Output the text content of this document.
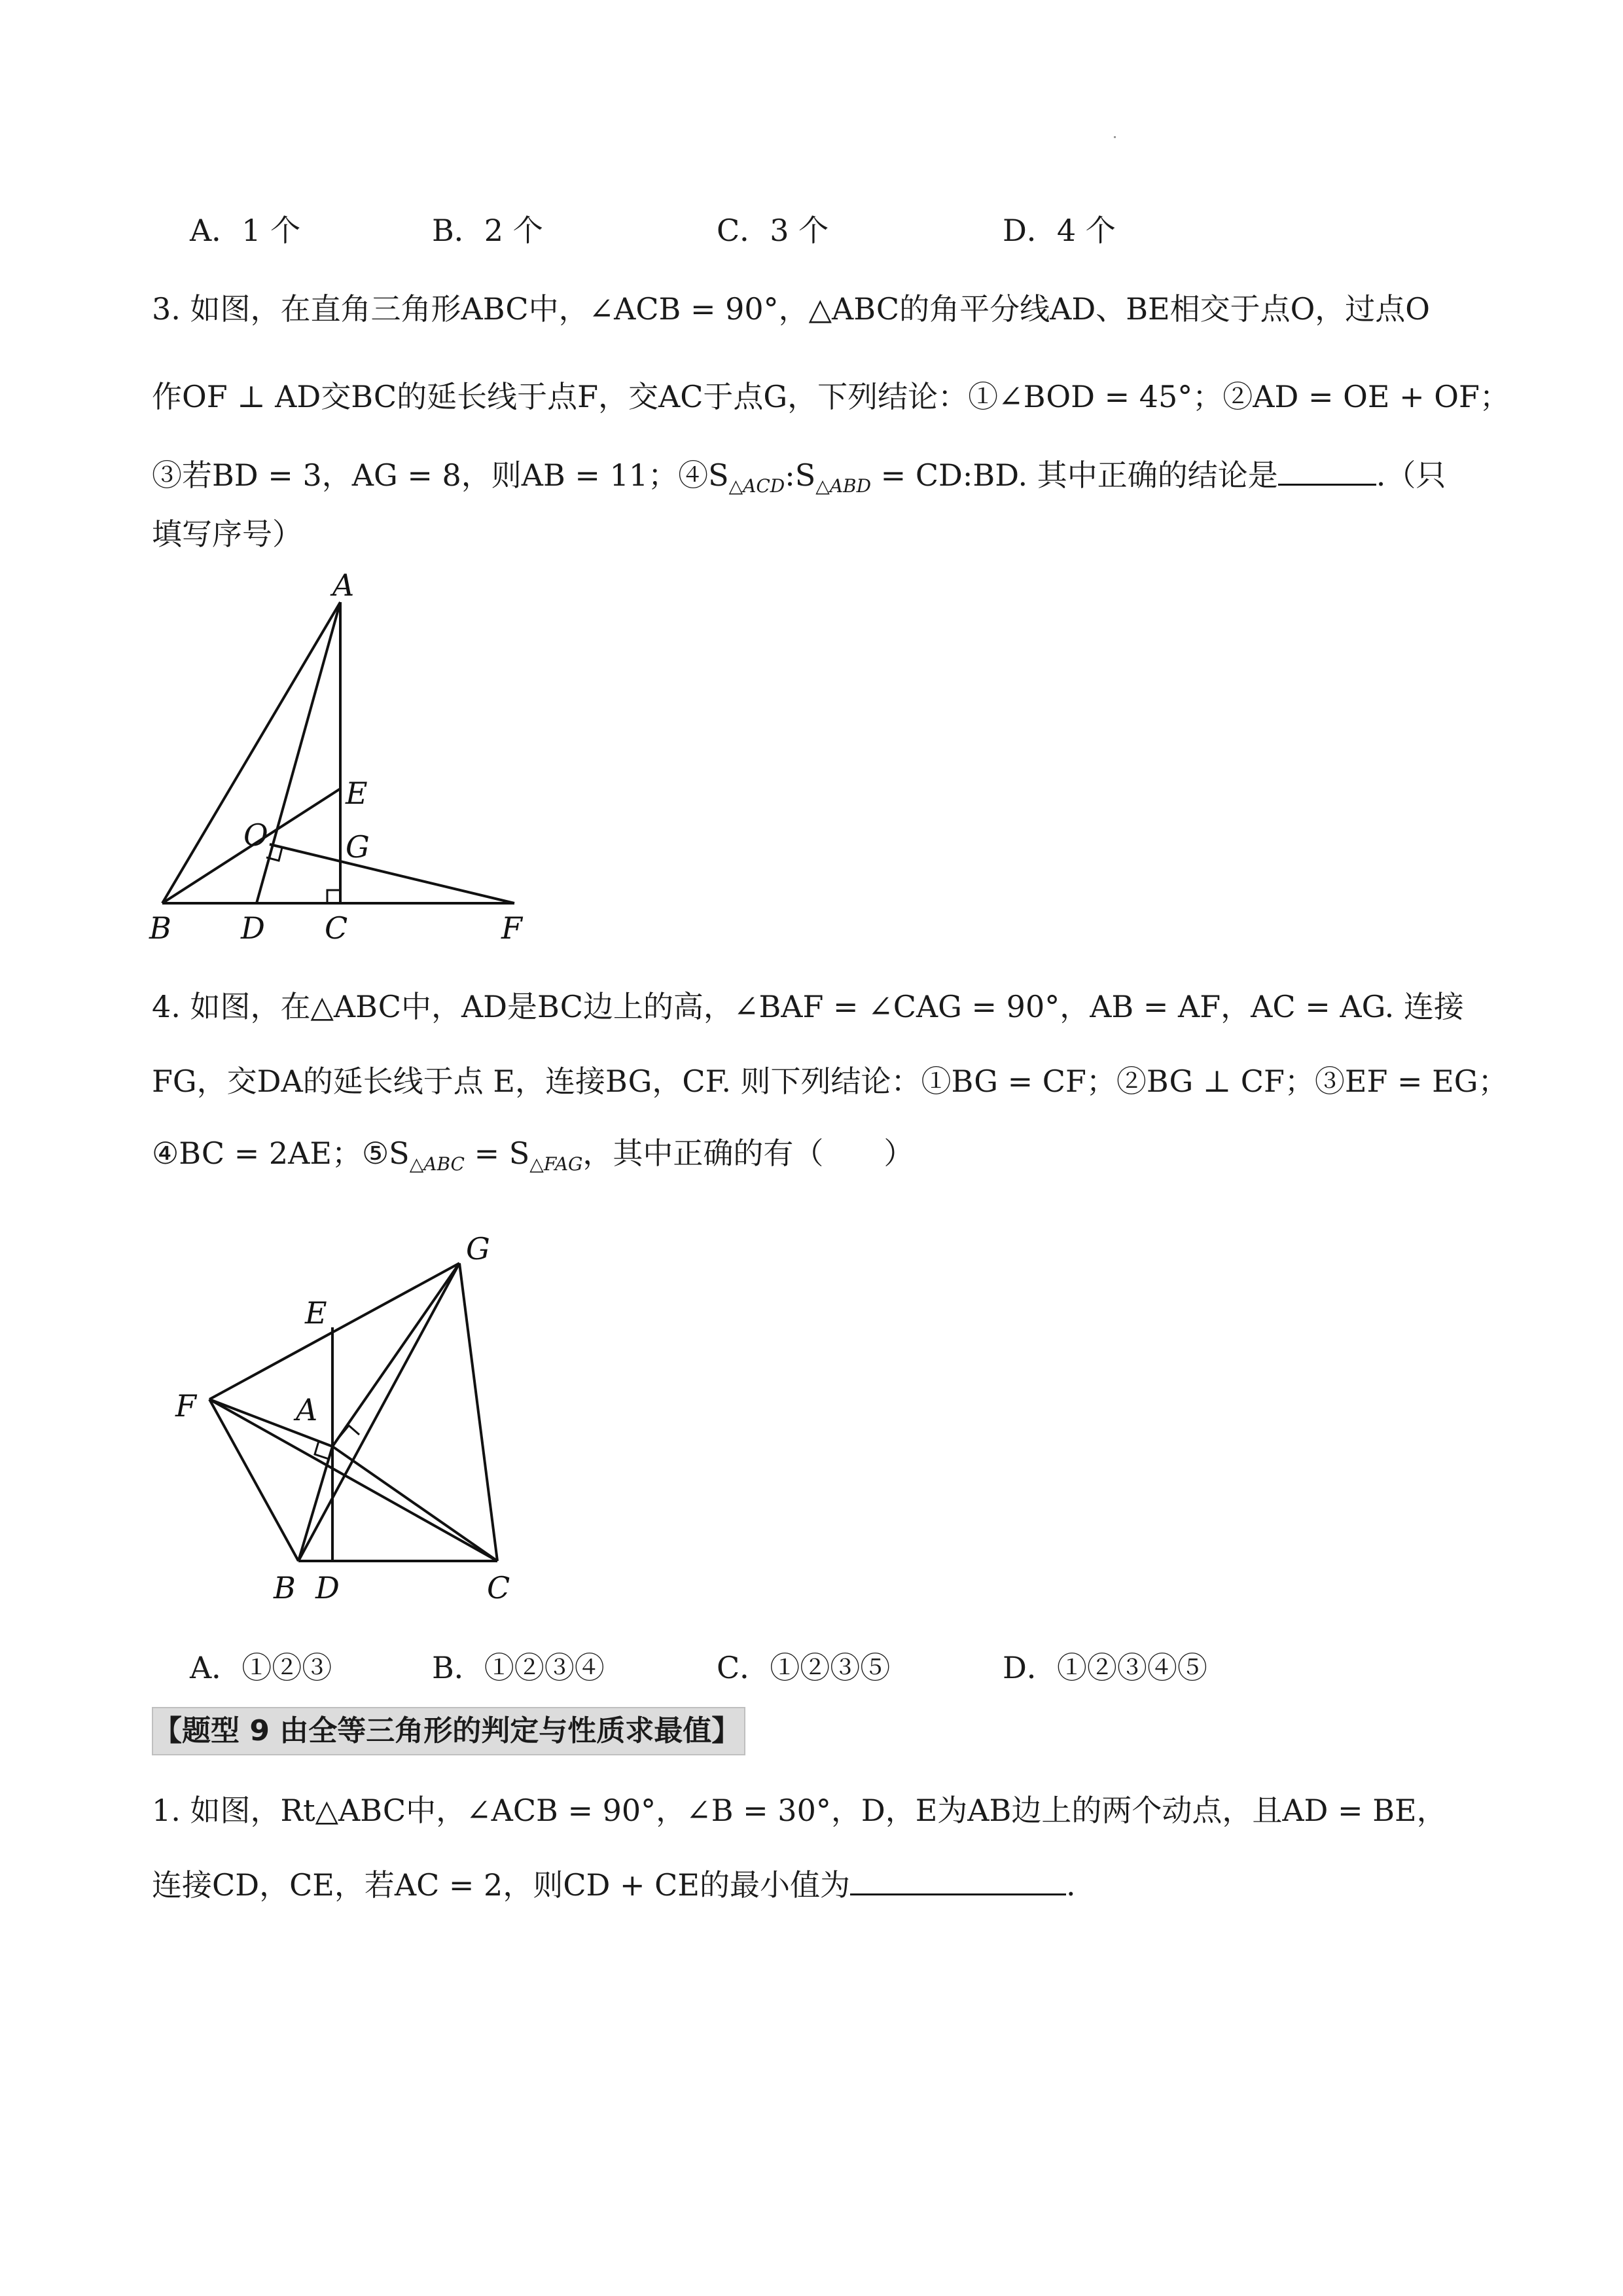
A．1 个	B．2 个	C．3 个	D．4 个
3. 如图，在直角三角形ABC中，∠ACB = 90°，△ABC的角平分线AD、BE相交于点O，过点O
作OF ⊥ AD交BC的延长线于点F，交AC于点G，下列结论：①∠BOD = 45°；②AD = OE + OF；
③若BD = 3，AG = 8，则AB = 11；$④S_{\triangle ACD}:S_{\triangle ABD}$ = CD:BD. 其中正确的结论是	.（只
填写序号）
A
B D C	F
E
G
O
4. 如图，在△ABC中，AD是BC边上的高，∠BAF = ∠CAG = 90°，AB = AF，AC = AG. 连接
FG，交DA的延长线于点 E，连接BG，CF. 则下列结论：①BG = CF；②BG ⊥ CF；③EF = EG；
④BC = 2AE；$⑤S_{\triangle ABC} = S_{\triangle FAG}$，其中正确的有（　　）
E
F	A
G
B D	C
A．①②③	B．①②③④	C．①②③⑤	D．①②③④⑤
【题型 9 由全等三角形的判定与性质求最值】
1. 如图，Rt△ABC中，∠ACB = 90°，∠B = 30°，D，E为AB边上的两个动点，且AD = BE，
连接CD，CE，若AC = 2，则CD + CE的最小值为	.
